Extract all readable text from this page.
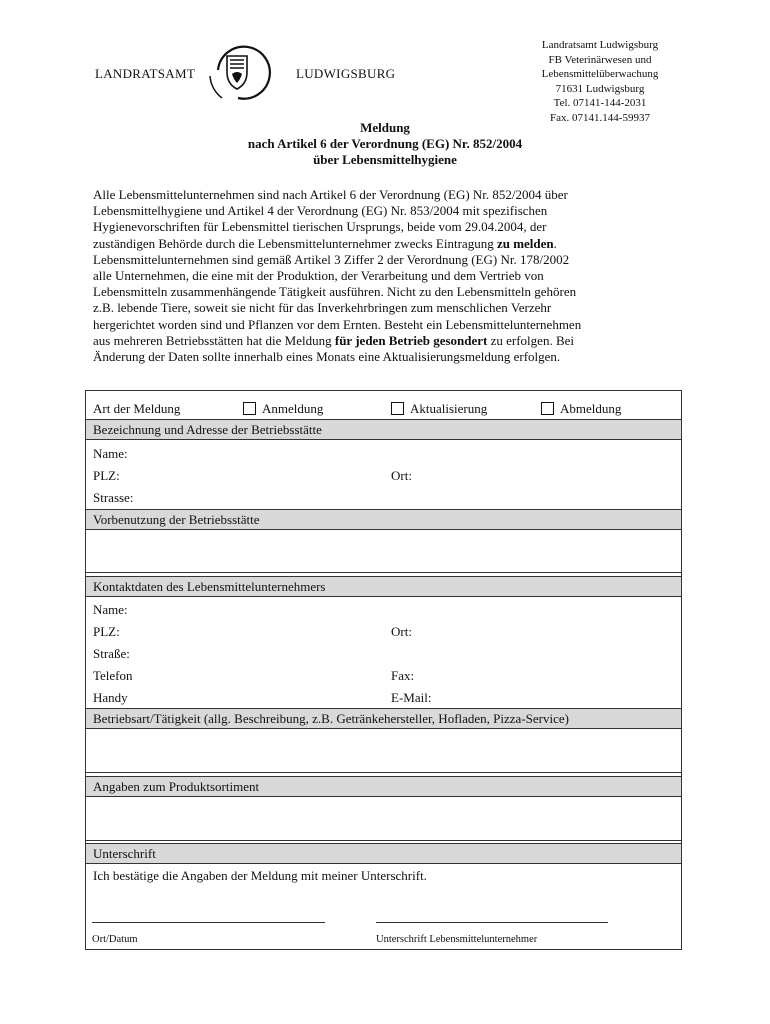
LANDRATSAMT	LUDWIGSBURG
Landratsamt Ludwigsburg
FB Veterinärwesen und
Lebensmittelüberwachung
71631 Ludwigsburg
Tel. 07141-144-2031
Fax. 07141.144-59937
Meldung
nach Artikel 6 der Verordnung (EG) Nr. 852/2004
über Lebensmittelhygiene
Alle Lebensmittelunternehmen sind nach Artikel 6 der Verordnung (EG) Nr. 852/2004 über
Lebensmittelhygiene und Artikel 4 der Verordnung (EG) Nr. 853/2004 mit spezifischen
Hygienevorschriften für Lebensmittel tierischen Ursprungs, beide vom 29.04.2004, der
zuständigen Behörde durch die Lebensmittelunternehmer zwecks Eintragung zu melden.
Lebensmittelunternehmen sind gemäß Artikel 3 Ziffer 2 der Verordnung (EG) Nr. 178/2002
alle Unternehmen, die eine mit der Produktion, der Verarbeitung und dem Vertrieb von
Lebensmitteln zusammenhängende Tätigkeit ausführen. Nicht zu den Lebensmitteln gehören
z.B. lebende Tiere, soweit sie nicht für das Inverkehrbringen zum menschlichen Verzehr
hergerichtet worden sind und Pflanzen vor dem Ernten. Besteht ein Lebensmittelunternehmen
aus mehreren Betriebsstätten hat die Meldung für jeden Betrieb gesondert zu erfolgen. Bei
Änderung der Daten sollte innerhalb eines Monats eine Aktualisierungsmeldung erfolgen.
Art der Meldung	Anmeldung	Aktualisierung	Abmeldung
Bezeichnung und Adresse der Betriebsstätte
Name:
PLZ:	Ort:
Strasse:
Vorbenutzung der Betriebsstätte
Kontaktdaten des Lebensmittelunternehmers
Name:
PLZ:	Ort:
Straße:
Telefon	Fax:
Handy	E-Mail:
Betriebsart/Tätigkeit (allg. Beschreibung, z.B. Getränkehersteller, Hofladen, Pizza-Service)
Angaben zum Produktsortiment
Unterschrift
Ich bestätige die Angaben der Meldung mit meiner Unterschrift.
Ort/Datum	Unterschrift Lebensmittelunternehmer
